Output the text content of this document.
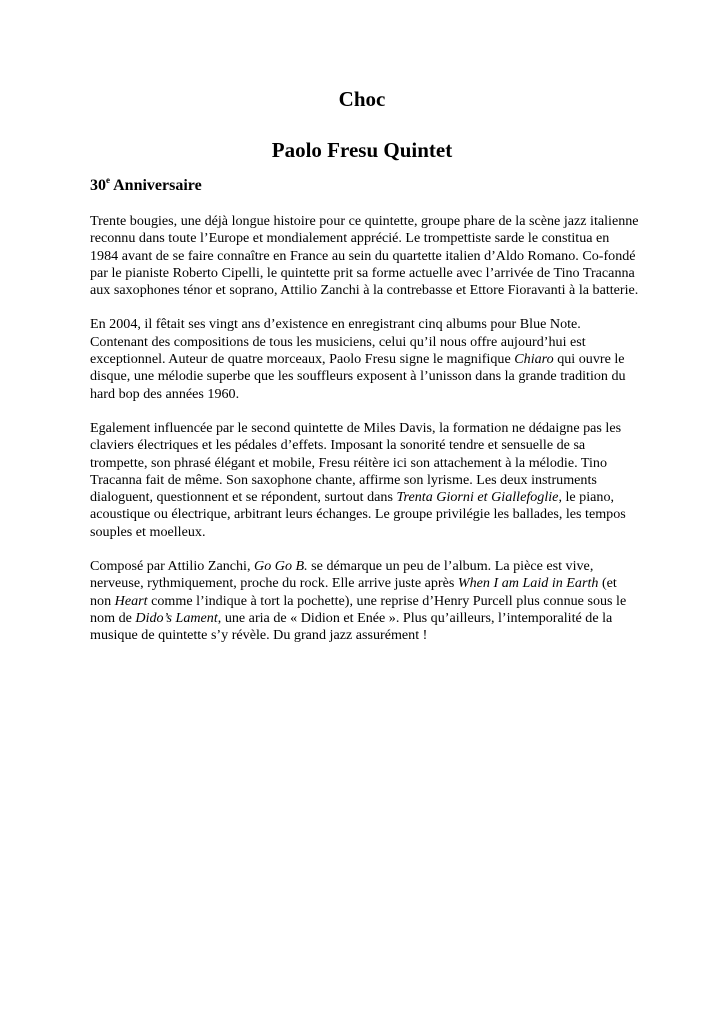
Choc
Paolo Fresu Quintet
30e Anniversaire

Trente bougies, une déjà longue histoire pour ce quintette, groupe phare de la scène jazz italienne reconnu dans toute l’Europe et mondialement apprécié. Le trompettiste sarde le constitua en 1984 avant de se faire connaître en France au sein du quartette italien d’Aldo Romano. Co-fondé par le pianiste Roberto Cipelli, le quintette prit sa forme actuelle avec l’arrivée de Tino Tracanna aux saxophones ténor et soprano, Attilio Zanchi à la contrebasse et Ettore Fioravanti à la batterie.

En 2004, il fêtait ses vingt ans d’existence en enregistrant cinq albums pour Blue Note. Contenant des compositions de tous les musiciens, celui qu’il nous offre aujourd’hui est exceptionnel. Auteur de quatre morceaux, Paolo Fresu signe le magnifique Chiaro qui ouvre le disque, une mélodie superbe que les souffleurs exposent à l’unisson dans la grande tradition du hard bop des années 1960.

Egalement influencée par le second quintette de Miles Davis, la formation ne dédaigne pas les claviers électriques et les pédales d’effets. Imposant la sonorité tendre et sensuelle de sa trompette, son phrasé élégant et mobile, Fresu réitère ici son attachement à la mélodie. Tino Tracanna fait de même. Son saxophone chante, affirme son lyrisme. Les deux instruments dialoguent, questionnent et se répondent, surtout dans Trenta Giorni et Giallefoglie, le piano, acoustique ou électrique, arbitrant leurs échanges. Le groupe privilégie les ballades, les tempos souples et moelleux.

Composé par Attilio Zanchi, Go Go B. se démarque un peu de l’album. La pièce est vive, nerveuse, rythmiquement, proche du rock. Elle arrive juste après When I am Laid in Earth (et non Heart comme l’indique à tort la pochette), une reprise d’Henry Purcell plus connue sous le nom de Dido’s Lament, une aria de « Didion et Enée ». Plus qu’ailleurs, l’intemporalité de la musique de quintette s’y révèle. Du grand jazz assurément !
